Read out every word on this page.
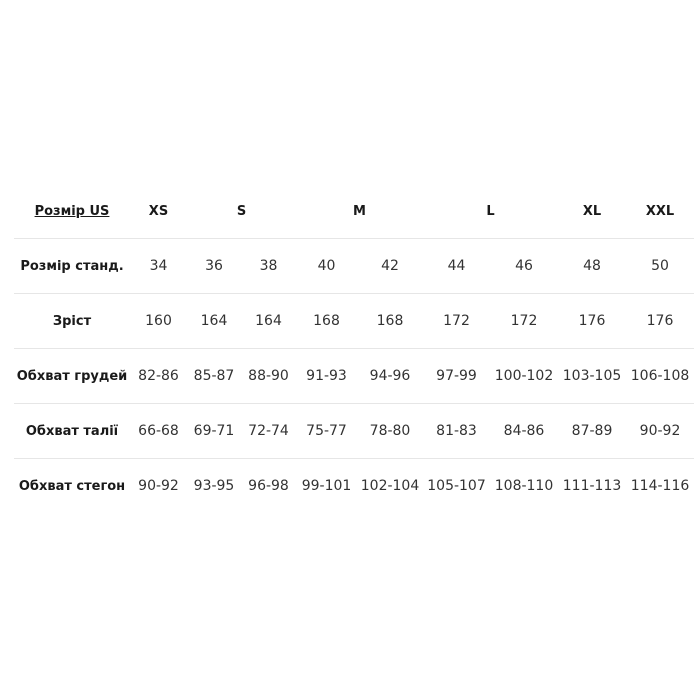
Розмір US	XS	S		M		L		XL	XXL
Розмір станд.	34	36	38	40	42	44	46	48	50
Зріст	160	164	164	168	168	172	172	176	176
Обхват грудей	82-86	85-87	88-90	91-93	94-96	97-99	100-102	103-105	106-108
Обхват талії	66-68	69-71	72-74	75-77	78-80	81-83	84-86	87-89	90-92
Обхват стегон	90-92	93-95	96-98	99-101	102-104	105-107	108-110	111-113	114-116
